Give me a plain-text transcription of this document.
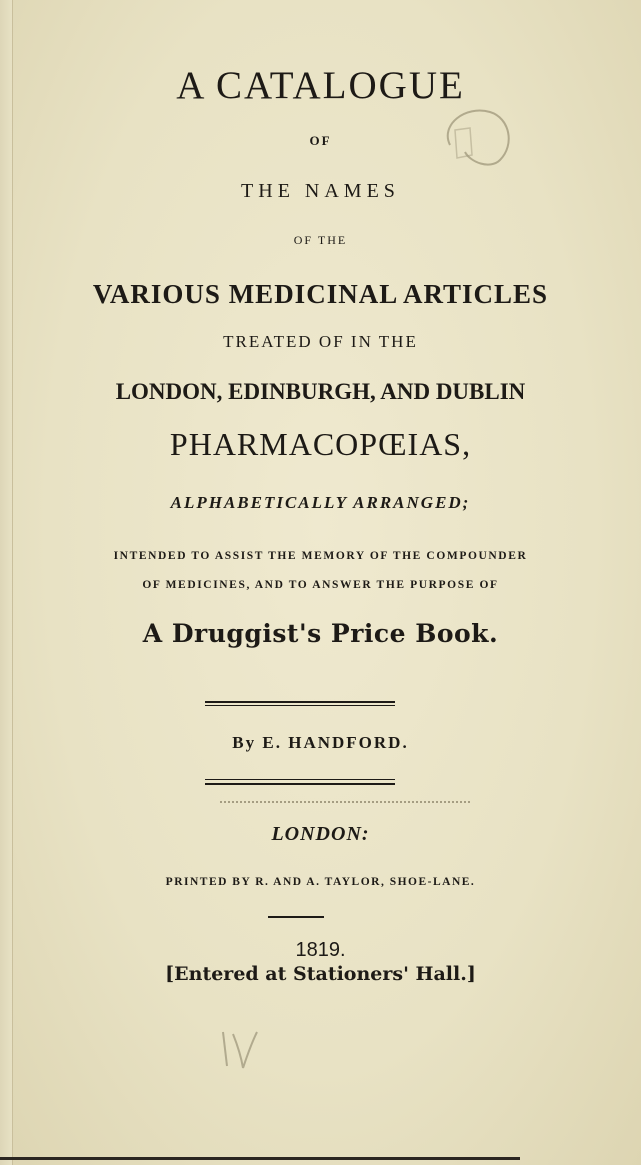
A CATALOGUE
OF
THE NAMES
OF THE
VARIOUS MEDICINAL ARTICLES
TREATED OF IN THE
LONDON, EDINBURGH, AND DUBLIN
PHARMACOPŒIAS,
ALPHABETICALLY ARRANGED;
INTENDED TO ASSIST THE MEMORY OF THE COMPOUNDER
OF MEDICINES, AND TO ANSWER THE PURPOSE OF
A Druggist's Price Book.
By E. HANDFORD.
LONDON:
PRINTED BY R. AND A. TAYLOR, SHOE-LANE.
1819.
[Entered at Stationers' Hall.]
